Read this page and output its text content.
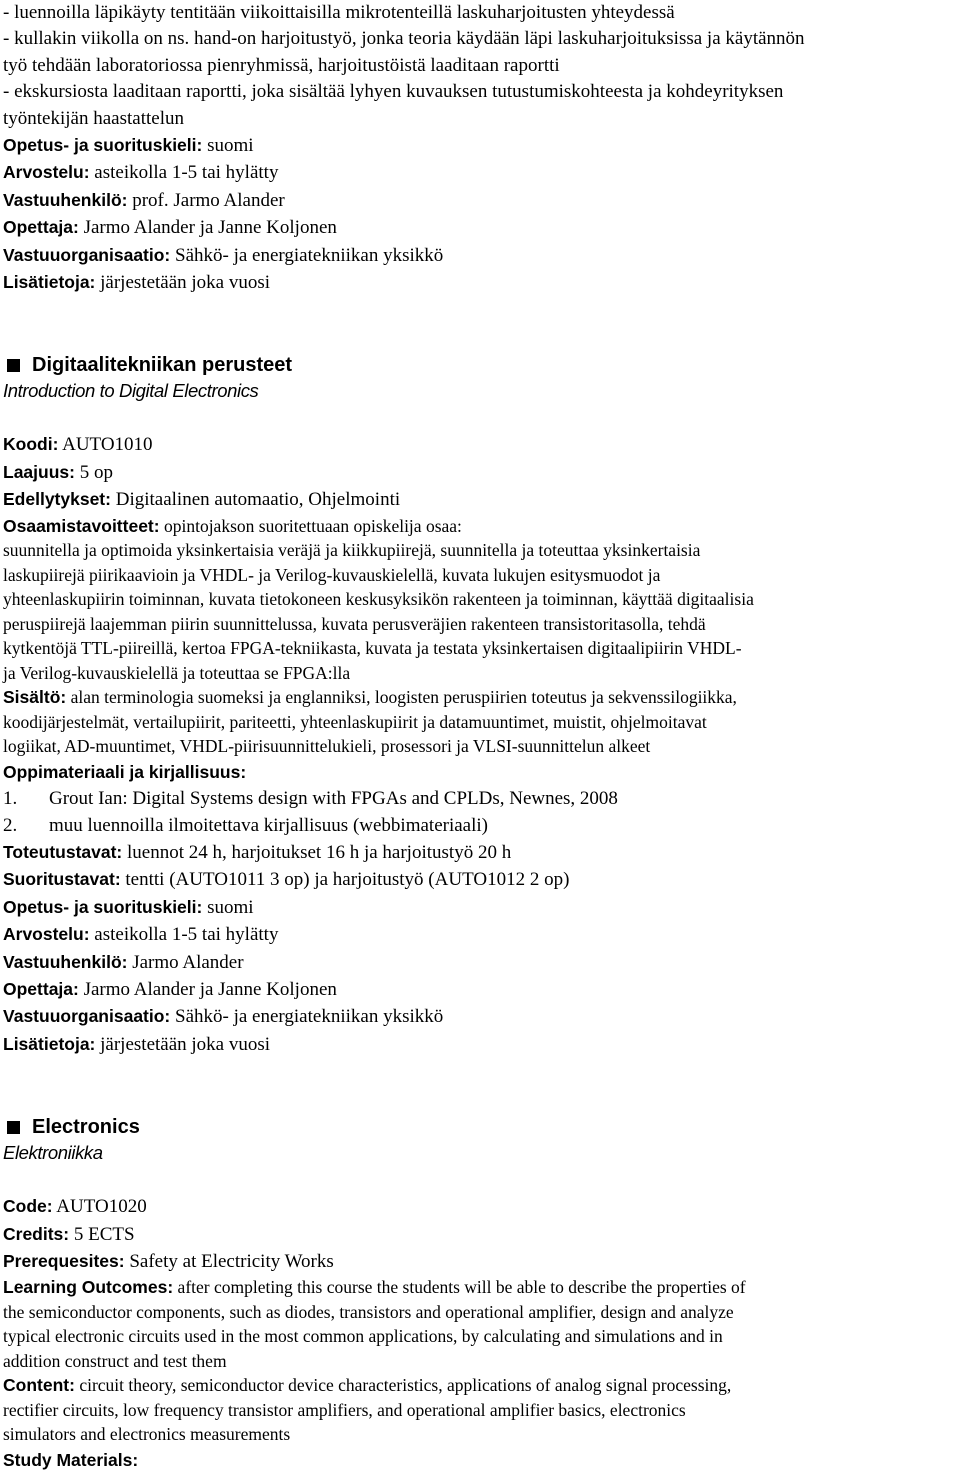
- luennoilla läpikäyty tentitään viikoittaisilla mikrotenteillä laskuharjoitusten yhteydessä
- kullakin viikolla on ns. hand-on harjoitustyö, jonka teoria käydään läpi laskuharjoituksissa ja käytännön
työ tehdään laboratoriossa pienryhmissä, harjoitustöistä laaditaan raportti
- ekskursiosta laaditaan raportti, joka sisältää lyhyen kuvauksen tutustumiskohteesta ja kohdeyrityksen
työntekijän haastattelun
Opetus- ja suorituskieli: suomi
Arvostelu: asteikolla 1-5 tai hylätty
Vastuuhenkilö: prof. Jarmo Alander
Opettaja: Jarmo Alander ja Janne Koljonen
Vastuuorganisaatio: Sähkö- ja energiatekniikan yksikkö
Lisätietoja: järjestetään joka vuosi
Digitaalitekniikan perusteet
Introduction to Digital Electronics
Koodi: AUTO1010
Laajuus: 5 op
Edellytykset: Digitaalinen automaatio, Ohjelmointi
Osaamistavoitteet: opintojakson suoritettuaan opiskelija osaa:
suunnitella ja optimoida yksinkertaisia veräjä ja kiikkupiirejä, suunnitella ja toteuttaa yksinkertaisia
laskupiirejä piirikaavioin ja VHDL- ja Verilog-kuvauskielellä, kuvata lukujen esitysmuodot ja
yhteenlaskupiirin toiminnan, kuvata tietokoneen keskusyksikön rakenteen ja toiminnan, käyttää digitaalisia
peruspiirejä laajemman piirin suunnittelussa, kuvata perusveräjien rakenteen transistoritasolla, tehdä
kytkentöjä TTL-piireillä, kertoa FPGA-tekniikasta, kuvata ja testata yksinkertaisen digitaalipiirin VHDL-
ja Verilog-kuvauskielellä ja toteuttaa se FPGA:lla
Sisältö: alan terminologia suomeksi ja englanniksi, loogisten peruspiirien toteutus ja sekvenssilogiikka,
koodijärjestelmät, vertailupiirit, pariteetti, yhteenlaskupiirit ja datamuuntimet, muistit, ohjelmoitavat
logiikat, AD-muuntimet, VHDL-piirisuunnittelukieli, prosessori ja VLSI-suunnittelun alkeet
Oppimateriaali ja kirjallisuus:
1. Grout Ian: Digital Systems design with FPGAs and CPLDs, Newnes, 2008
2. muu luennoilla ilmoitettava kirjallisuus (webbimateriaali)
Toteutustavat: luennot 24 h, harjoitukset 16 h ja harjoitustyö 20 h
Suoritustavat: tentti (AUTO1011 3 op) ja harjoitustyö (AUTO1012 2 op)
Opetus- ja suorituskieli: suomi
Arvostelu: asteikolla 1-5 tai hylätty
Vastuuhenkilö: Jarmo Alander
Opettaja: Jarmo Alander ja Janne Koljonen
Vastuuorganisaatio: Sähkö- ja energiatekniikan yksikkö
Lisätietoja: järjestetään joka vuosi
Electronics
Elektroniikka
Code: AUTO1020
Credits: 5 ECTS
Prerequesites: Safety at Electricity Works
Learning Outcomes: after completing this course the students will be able to describe the properties of
the semiconductor components, such as diodes, transistors and operational amplifier, design and analyze
typical electronic circuits used in the most common applications, by calculating and simulations and in
addition construct and test them
Content: circuit theory, semiconductor device characteristics, applications of analog signal processing,
rectifier circuits, low frequency transistor amplifiers, and operational amplifier basics, electronics
simulators and electronics measurements
Study Materials:
